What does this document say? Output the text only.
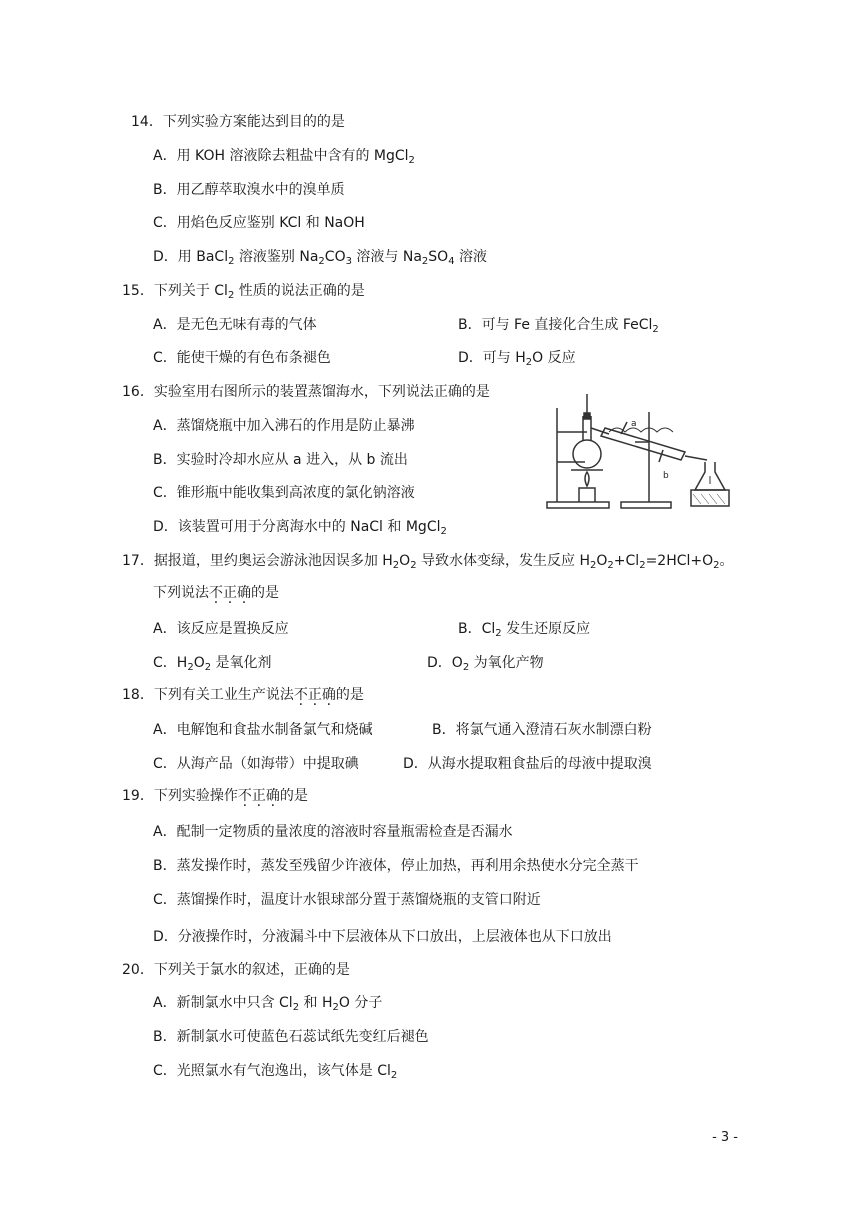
14．下列实验方案能达到目的的是
A．用 KOH 溶液除去粗盐中含有的 MgCl$_2$
B．用乙醇萃取溴水中的溴单质
C．用焰色反应鉴别 KCl 和 NaOH
D．用 BaCl$_2$ 溶液鉴别 $Na_2CO_3$ 溶液与 $Na_2SO_4$ 溶液
15．下列关于 $Cl_2$ 性质的说法正确的是
A．是无色无味有毒的气体	B．可与 Fe 直接化合生成 FeCl$_2$
C．能使干燥的有色布条褪色	D．可与 $H_2O$ 反应
16．实验室用右图所示的装置蒸馏海水，下列说法正确的是
A．蒸馏烧瓶中加入沸石的作用是防止暴沸
B．实验时冷却水应从 a 进入，从 b 流出
C．锥形瓶中能收集到高浓度的氯化钠溶液
D．该装置可用于分离海水中的 NaCl 和 MgCl$_2$
a
b
17．据报道，里约奥运会游泳池因误多加 $H_2O_2$ 导致水体变绿，发生反应 $H_2O_2+Cl_2=2HCl+O_2$。
下列说法不正确的是
A．该反应是置换反应	B．$Cl_2$ 发生还原反应
C．$H_2O_2$ 是氧化剂	D．$O_2$ 为氧化产物
18．下列有关工业生产说法不正确的是
A．电解饱和食盐水制备氯气和烧碱	B．将氯气通入澄清石灰水制漂白粉
C．从海产品（如海带）中提取碘	D．从海水提取粗食盐后的母液中提取溴
19．下列实验操作不正确的是
A．配制一定物质的量浓度的溶液时容量瓶需检查是否漏水
B．蒸发操作时，蒸发至残留少许液体，停止加热，再利用余热使水分完全蒸干
C．蒸馏操作时，温度计水银球部分置于蒸馏烧瓶的支管口附近
D．分液操作时，分液漏斗中下层液体从下口放出，上层液体也从下口放出
20．下列关于氯水的叙述，正确的是
A．新制氯水中只含 $Cl_2$ 和 $H_2O$ 分子
B．新制氯水可使蓝色石蕊试纸先变红后褪色
C．光照氯水有气泡逸出，该气体是 $Cl_2$
- 3 -
